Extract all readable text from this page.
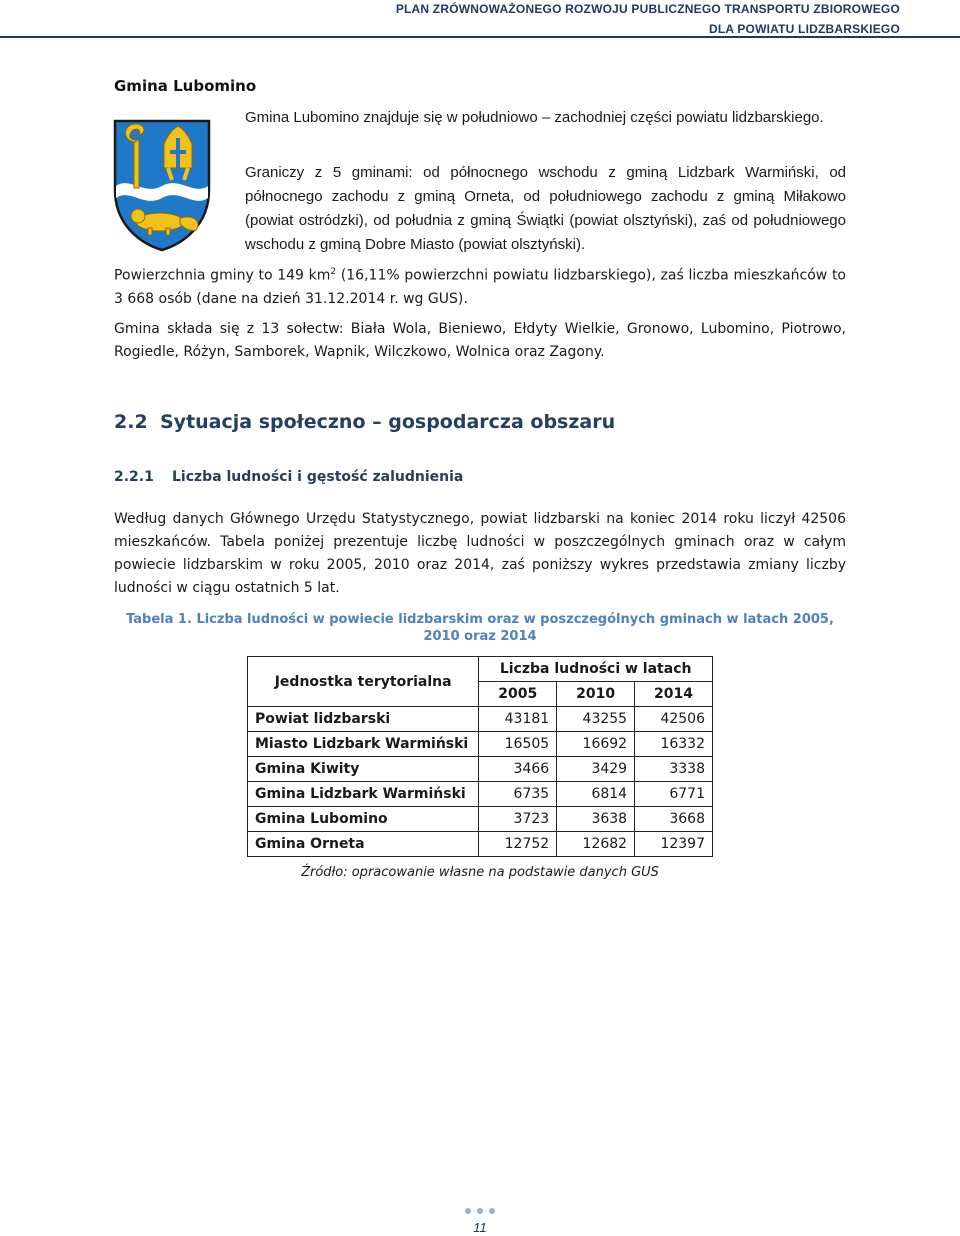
PLAN ZRÓWNOWAŻONEGO ROZWOJU PUBLICZNEGO TRANSPORTU ZBIOROWEGO
DLA POWIATU LIDZBARSKIEGO
Gmina Lubomino
Gmina Lubomino znajduje się w południowo – zachodniej części powiatu lidzbarskiego.
Graniczy z 5 gminami: od północnego wschodu z gminą Lidzbark Warmiński, od północnego zachodu z gminą Orneta, od południowego zachodu z gminą Miłakowo (powiat ostródzki), od południa z gminą Świątki (powiat olsztyński), zaś od południowego wschodu z gminą Dobre Miasto (powiat olsztyński).
Powierzchnia gminy to 149 $km^2$ (16,11% powierzchni powiatu lidzbarskiego), zaś liczba mieszkańców to 3 668 osób (dane na dzień 31.12.2014 r. wg GUS).
Gmina składa się z 13 sołectw: Biała Wola, Bieniewo, Ełdyty Wielkie, Gronowo, Lubomino, Piotrowo, Rogiedle, Różyn, Samborek, Wapnik, Wilczkowo, Wolnica oraz Zagony.
2.2 Sytuacja społeczno – gospodarcza obszaru
2.2.1 Liczba ludności i gęstość zaludnienia
Według danych Głównego Urzędu Statystycznego, powiat lidzbarski na koniec 2014 roku liczył 42506 mieszkańców. Tabela poniżej prezentuje liczbę ludności w poszczególnych gminach oraz w całym powiecie lidzbarskim w roku 2005, 2010 oraz 2014, zaś poniższy wykres przedstawia zmiany liczby ludności w ciągu ostatnich 5 lat.
Tabela 1. Liczba ludności w powiecie lidzbarskim oraz w poszczególnych gminach w latach 2005, 2010 oraz 2014
Jednostka terytorialna	Liczba ludności w latach		
	2005	2010	2014
Powiat lidzbarski	43181	43255	42506
Miasto Lidzbark Warmiński	16505	16692	16332
Gmina Kiwity	3466	3429	3338
Gmina Lidzbark Warmiński	6735	6814	6771
Gmina Lubomino	3723	3638	3668
Gmina Orneta	12752	12682	12397
Źródło: opracowanie własne na podstawie danych GUS
11
